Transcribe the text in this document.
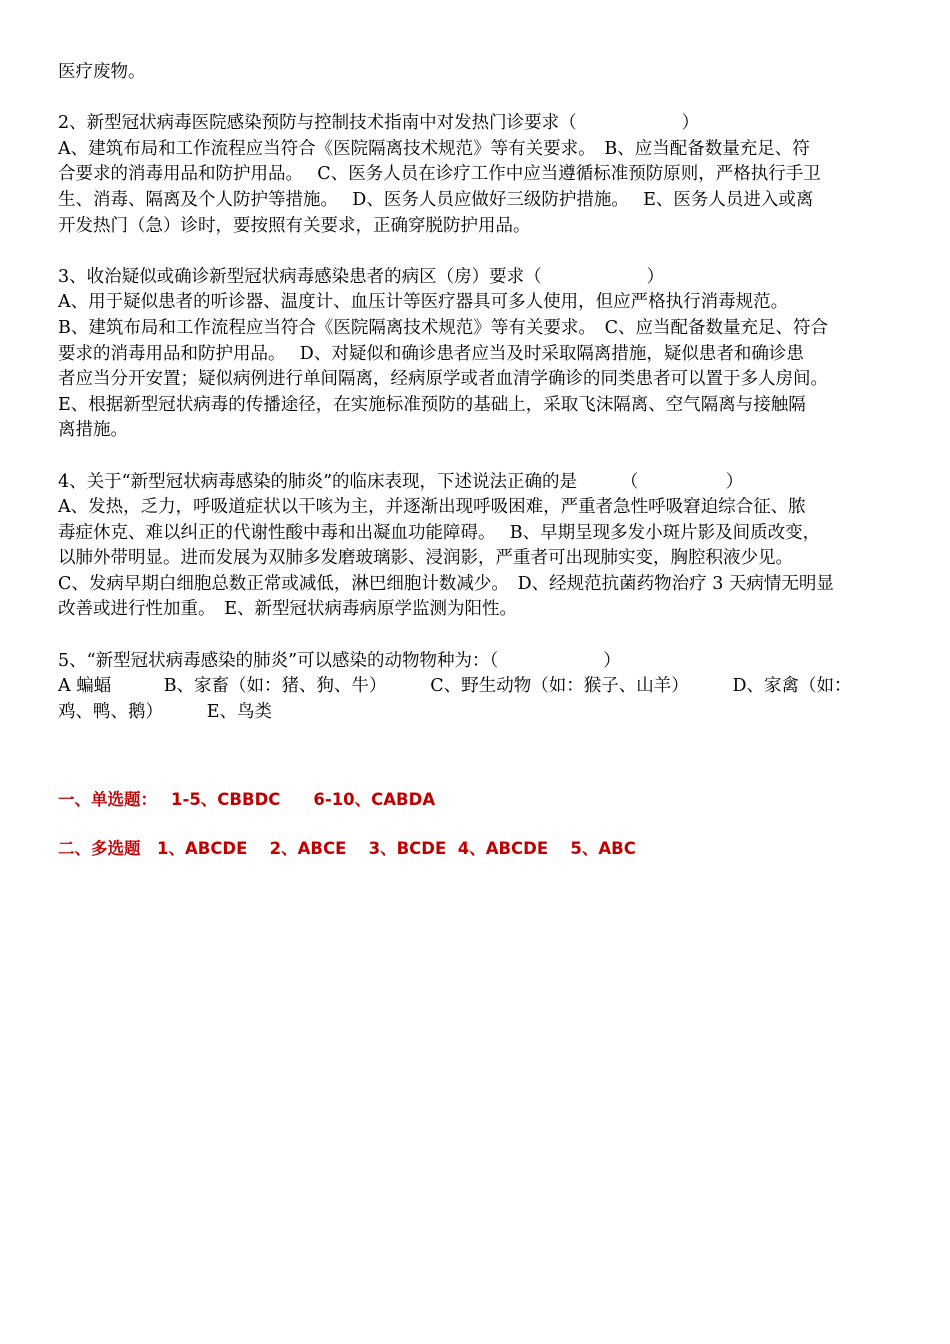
医疗废物。
2、新型冠状病毒医院感染预防与控制技术指南中对发热门诊要求（　　　　　　）
A、建筑布局和工作流程应当符合《医院隔离技术规范》等有关要求。　B、应当配备数量充足、符
合要求的消毒用品和防护用品。　 C、医务人员在诊疗工作中应当遵循标准预防原则，严格执行手卫
生、消毒、隔离及个人防护等措施。　 D、医务人员应做好三级防护措施。　 E、医务人员进入或离
开发热门（急）诊时，要按照有关要求，正确穿脱防护用品。
3、收治疑似或确诊新型冠状病毒感染患者的病区（房）要求（　　　　　　）
A、用于疑似患者的听诊器、温度计、血压计等医疗器具可多人使用，但应严格执行消毒规范。
B、建筑布局和工作流程应当符合《医院隔离技术规范》等有关要求。　C、应当配备数量充足、符合
要求的消毒用品和防护用品。　 D、对疑似和确诊患者应当及时采取隔离措施，疑似患者和确诊患
者应当分开安置；疑似病例进行单间隔离，经病原学或者血清学确诊的同类患者可以置于多人房间。
E、根据新型冠状病毒的传播途径，在实施标准预防的基础上，采取飞沫隔离、空气隔离与接触隔
离措施。
4、关于“新型冠状病毒感染的肺炎”的临床表现，下述说法正确的是　　　（　　　　　）
A、发热，乏力，呼吸道症状以干咳为主，并逐渐出现呼吸困难，严重者急性呼吸窘迫综合征、脓
毒症休克、难以纠正的代谢性酸中毒和出凝血功能障碍。　 B、早期呈现多发小斑片影及间质改变，
以肺外带明显。进而发展为双肺多发磨玻璃影、浸润影，严重者可出现肺实变，胸腔积液少见。
C、发病早期白细胞总数正常或减低，淋巴细胞计数减少。　D、经规范抗菌药物治疗 3 天病情无明显
改善或进行性加重。　E、新型冠状病毒病原学监测为阳性。
5、“新型冠状病毒感染的肺炎”可以感染的动物物种为：（　　　　　　）
A 蝙蝠　　　B、家畜（如：猪、狗、牛）　　　C、野生动物（如：猴子、山羊）　　　D、家禽（如：
鸡、鸭、鹅）　　　E、鸟类
一、单选题：　 1-5、CBBDC　　6-10、CABDA
二、多选题　1、ABCDE　 2、ABCE　 3、BCDE  4、ABCDE　 5、ABC
